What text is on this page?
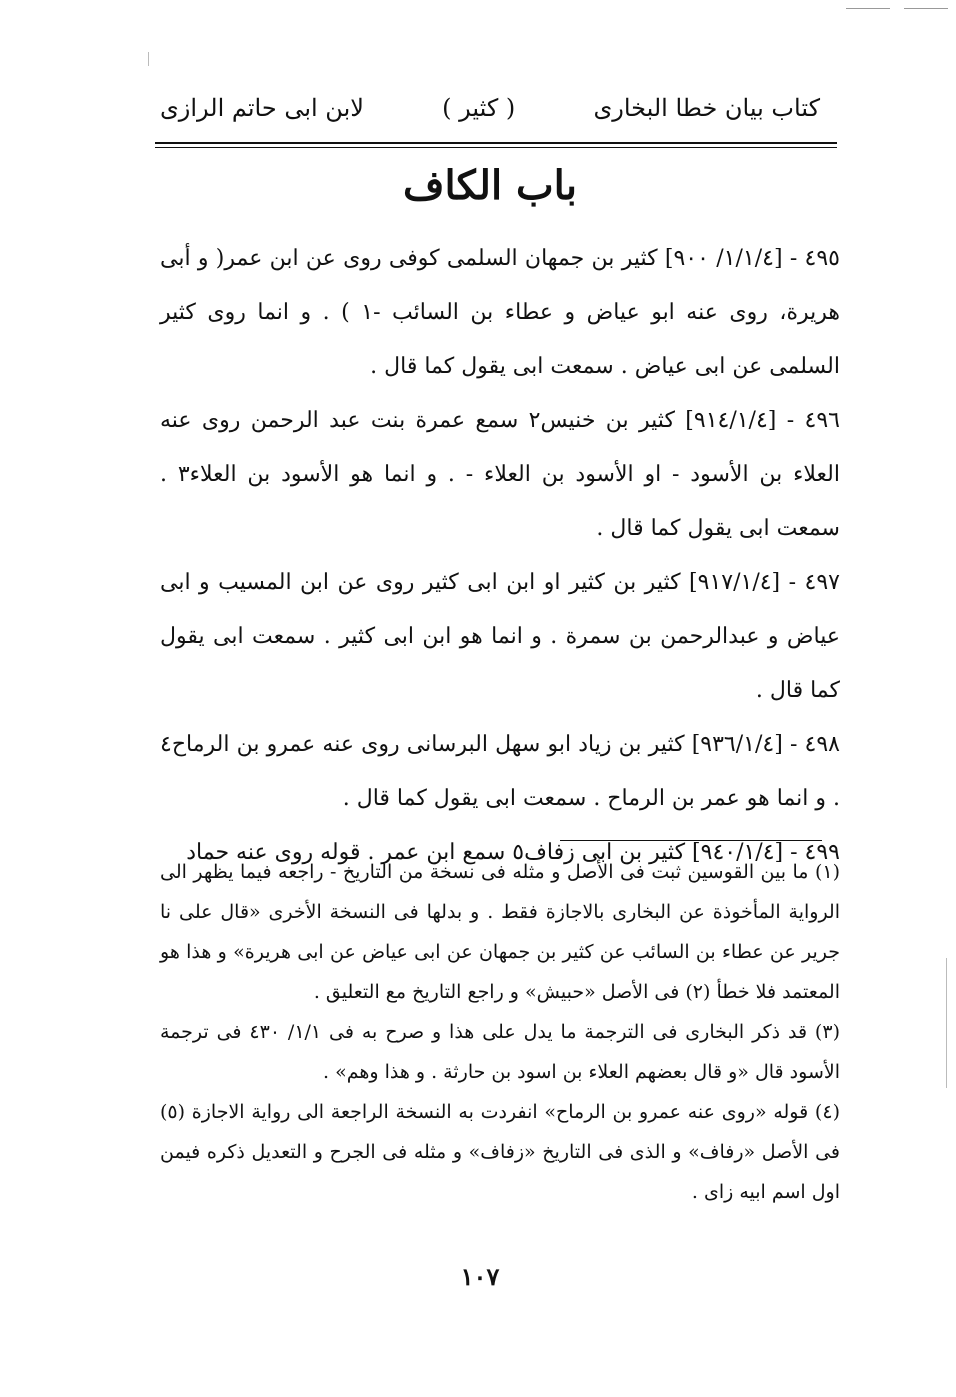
كتاب بيان خطا البخارى
( كثير )
لابن ابى حاتم الرازى
باب الكاف

٤٩٥ - [١/١/٤/ ٩٠٠] كثير بن جمهان السلمى كوفى روى عن ابن عمر( و أبى هريرة، روى عنه ابو عياض و عطاء بن السائب -١ ) . و انما روى كثير السلمى عن ابى عياض . سمعت ابى يقول كما قال .

٤٩٦ - [٩١٤/١/٤] كثير بن خنيس٢ سمع عمرة بنت عبد الرحمن روى عنه العلاء بن الأسود - او الأسود بن العلاء - . و انما هو الأسود بن العلاء٣ . سمعت ابى يقول كما قال .

٤٩٧ - [٩١٧/١/٤] كثير بن كثير او ابن ابى كثير روى عن ابن المسيب و ابى عياض و عبدالرحمن بن سمرة . و انما هو ابن ابى كثير . سمعت ابى يقول كما قال .

٤٩٨ - [٩٣٦/١/٤] كثير بن زياد ابو سهل البرسانى روى عنه عمرو بن الرماح٤ . و انما هو عمر بن الرماح . سمعت ابى يقول كما قال .

٤٩٩ - [٩٤٠/١/٤] كثير بن ابى زفاف٥ سمع ابن عمر . قوله روى عنه حماد

(١) ما بين القوسين ثبت فى الأصل و مثله فى نسخة من التاريخ - راجعه فيما يظهر الى الرواية المأخوذة عن البخارى بالاجازة فقط . و بدلها فى النسخة الأخرى «قال على نا جرير عن عطاء بن السائب عن كثير بن جمهان عن ابى عياض عن ابى هريرة» و هذا هو المعتمد فلا خطأ (٢) فى الأصل «حبيش» و راجع التاريخ مع التعليق .

(٣) قد ذكر البخارى فى الترجمة ما يدل على هذا و صرح به فى ١/١/ ٤٣٠ فى ترجمة الأسود قال «و قال بعضهم العلاء بن اسود بن حارثة . و هذا وهم» .

(٤) قوله «روى عنه عمرو بن الرماح» انفردت به النسخة الراجعة الى رواية الاجازة (٥) فى الأصل «رفاف» و الذى فى التاريخ «زفاف» و مثله فى الجرح و التعديل ذكره فيمن اول اسم ابيه زاى .

١٠٧
